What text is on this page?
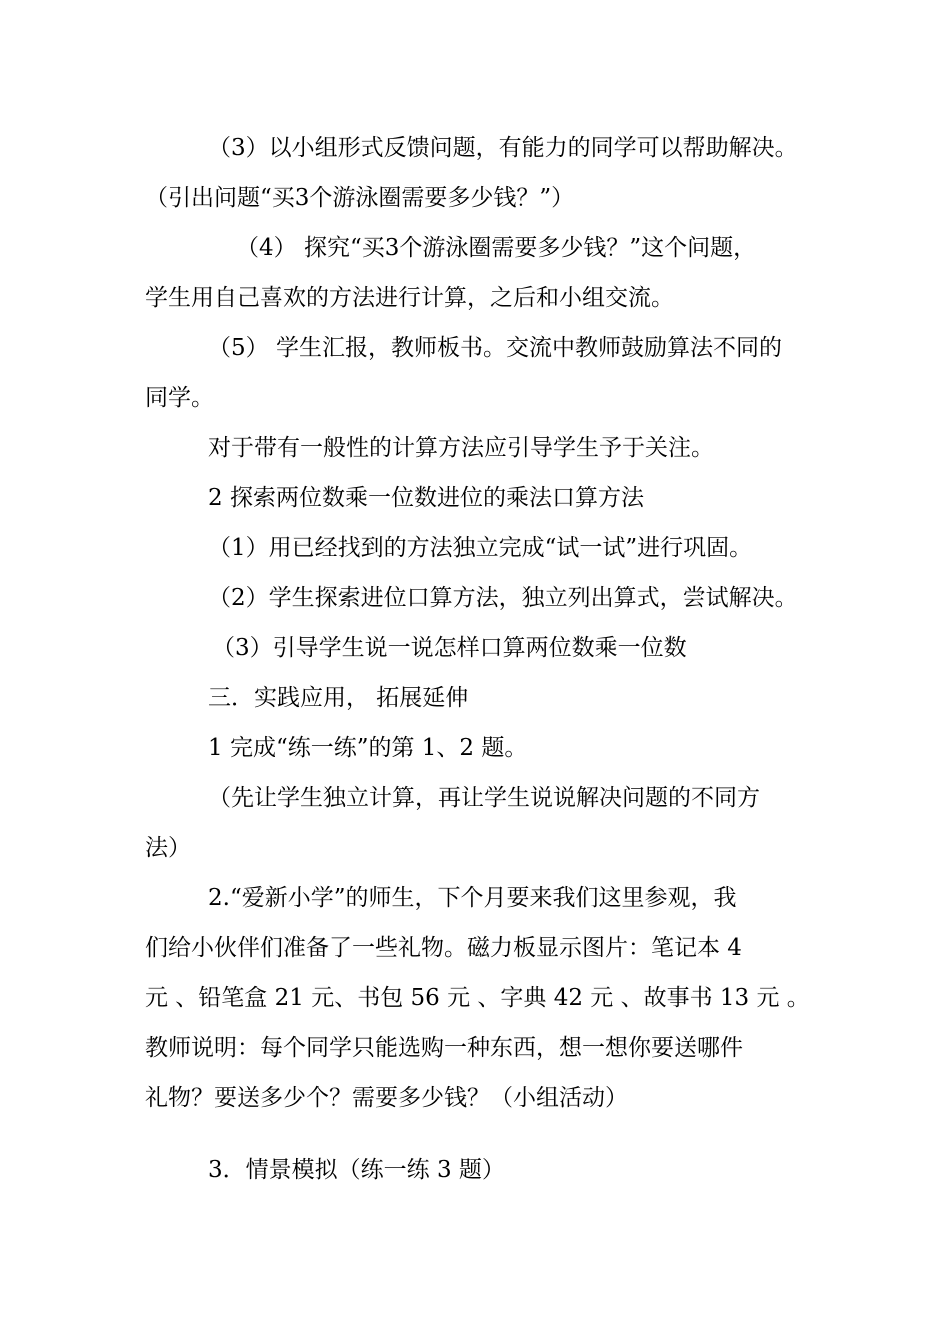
（3）以小组形式反馈问题，有能力的同学可以帮助解决。
（引出问题“买3个游泳圈需要多少钱？”）
（4） 探究“买3个游泳圈需要多少钱？”这个问题，
学生用自己喜欢的方法进行计算，之后和小组交流。
（5） 学生汇报，教师板书。交流中教师鼓励算法不同的
同学。
对于带有一般性的计算方法应引导学生予于关注。
2 探索两位数乘一位数进位的乘法口算方法
（1）用已经找到的方法独立完成“试一试”进行巩固。
（2）学生探索进位口算方法，独立列出算式，尝试解决。
（3）引导学生说一说怎样口算两位数乘一位数
三．实践应用， 拓展延伸
1 完成“练一练”的第 1、2 题。
（先让学生独立计算，再让学生说说解决问题的不同方
法）
2.“爱新小学”的师生，下个月要来我们这里参观，我
们给小伙伴们准备了一些礼物。磁力板显示图片：笔记本 4
元 、铅笔盒 21 元、书包 56 元 、字典 42 元 、故事书 13 元 。
教师说明：每个同学只能选购一种东西，想一想你要送哪件
礼物？要送多少个？需要多少钱？（小组活动）
3．情景模拟（练一练 3 题）
